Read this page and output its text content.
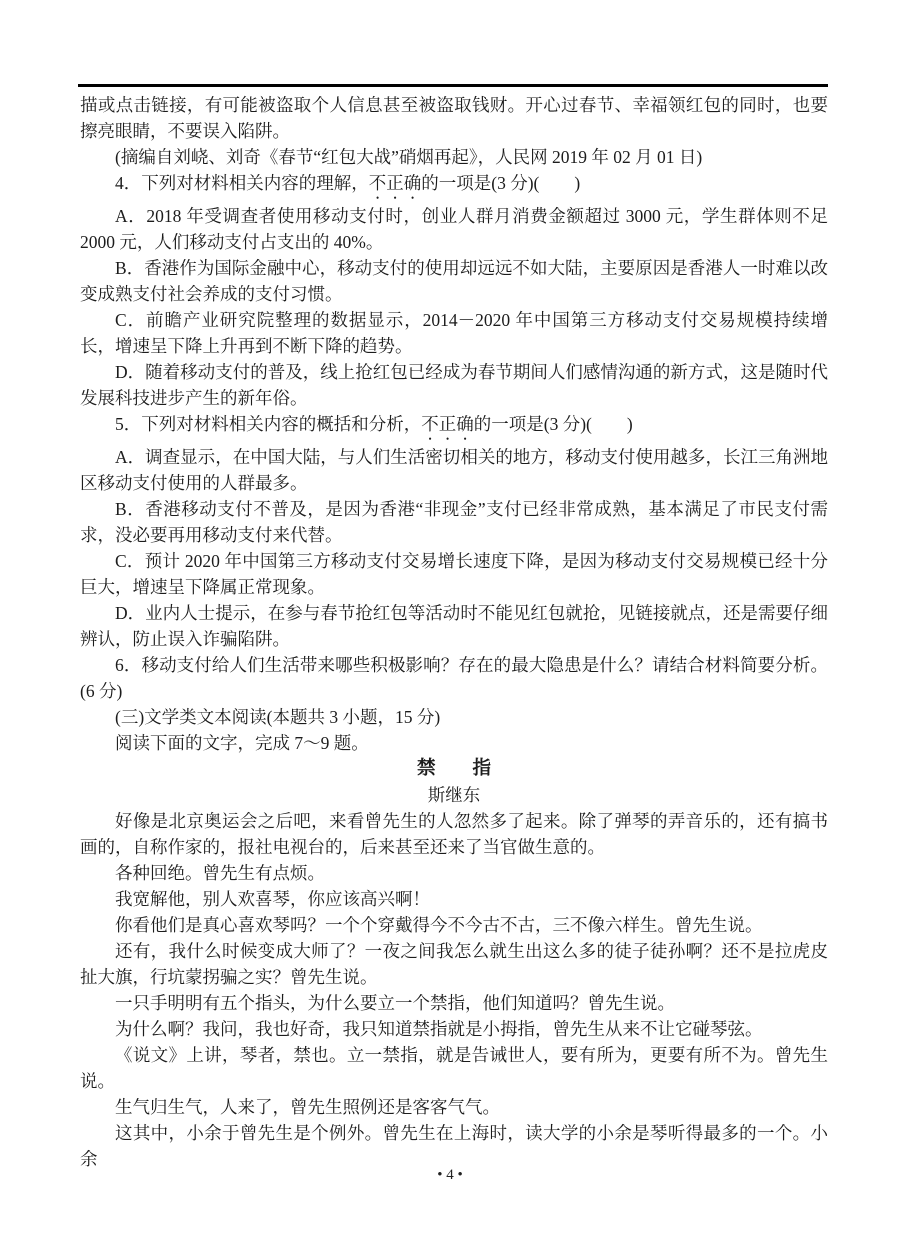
描或点击链接，有可能被盗取个人信息甚至被盗取钱财。开心过春节、幸福领红包的同时，也要擦亮眼睛，不要误入陷阱。

(摘编自刘峣、刘奇《春节“红包大战”硝烟再起》，人民网 2019 年 02 月 01 日)

4．下列对材料相关内容的理解，不正确的一项是(3 分)(　　)

A．2018 年受调查者使用移动支付时，创业人群月消费金额超过 3000 元，学生群体则不足 2000 元，人们移动支付占支出的 40%。

B．香港作为国际金融中心，移动支付的使用却远远不如大陆，主要原因是香港人一时难以改变成熟支付社会养成的支付习惯。

C．前瞻产业研究院整理的数据显示，2014－2020 年中国第三方移动支付交易规模持续增长，增速呈下降上升再到不断下降的趋势。

D．随着移动支付的普及，线上抢红包已经成为春节期间人们感情沟通的新方式，这是随时代发展科技进步产生的新年俗。

5．下列对材料相关内容的概括和分析，不正确的一项是(3 分)(　　)

A．调查显示，在中国大陆，与人们生活密切相关的地方，移动支付使用越多，长江三角洲地区移动支付使用的人群最多。

B．香港移动支付不普及，是因为香港“非现金”支付已经非常成熟，基本满足了市民支付需求，没必要再用移动支付来代替。

C．预计 2020 年中国第三方移动支付交易增长速度下降，是因为移动支付交易规模已经十分巨大，增速呈下降属正常现象。

D．业内人士提示，在参与春节抢红包等活动时不能见红包就抢，见链接就点，还是需要仔细辨认，防止误入诈骗陷阱。

6．移动支付给人们生活带来哪些积极影响？存在的最大隐患是什么？请结合材料简要分析。(6 分)

(三)文学类文本阅读(本题共 3 小题，15 分)

阅读下面的文字，完成 7～9 题。

禁　　指

斯继东

好像是北京奥运会之后吧，来看曾先生的人忽然多了起来。除了弹琴的弄音乐的，还有搞书画的，自称作家的，报社电视台的，后来甚至还来了当官做生意的。

各种回绝。曾先生有点烦。

我宽解他，别人欢喜琴，你应该高兴啊！

你看他们是真心喜欢琴吗？一个个穿戴得今不今古不古，三不像六样生。曾先生说。

还有，我什么时候变成大师了？一夜之间我怎么就生出这么多的徒子徒孙啊？还不是拉虎皮扯大旗，行坑蒙拐骗之实？曾先生说。

一只手明明有五个指头，为什么要立一个禁指，他们知道吗？曾先生说。

为什么啊？我问，我也好奇，我只知道禁指就是小拇指，曾先生从来不让它碰琴弦。

《说文》上讲，琴者，禁也。立一禁指，就是告诫世人，要有所为，更要有所不为。曾先生说。

生气归生气，人来了，曾先生照例还是客客气气。

这其中，小余于曾先生是个例外。曾先生在上海时，读大学的小余是琴听得最多的一个。小余

• 4 •
